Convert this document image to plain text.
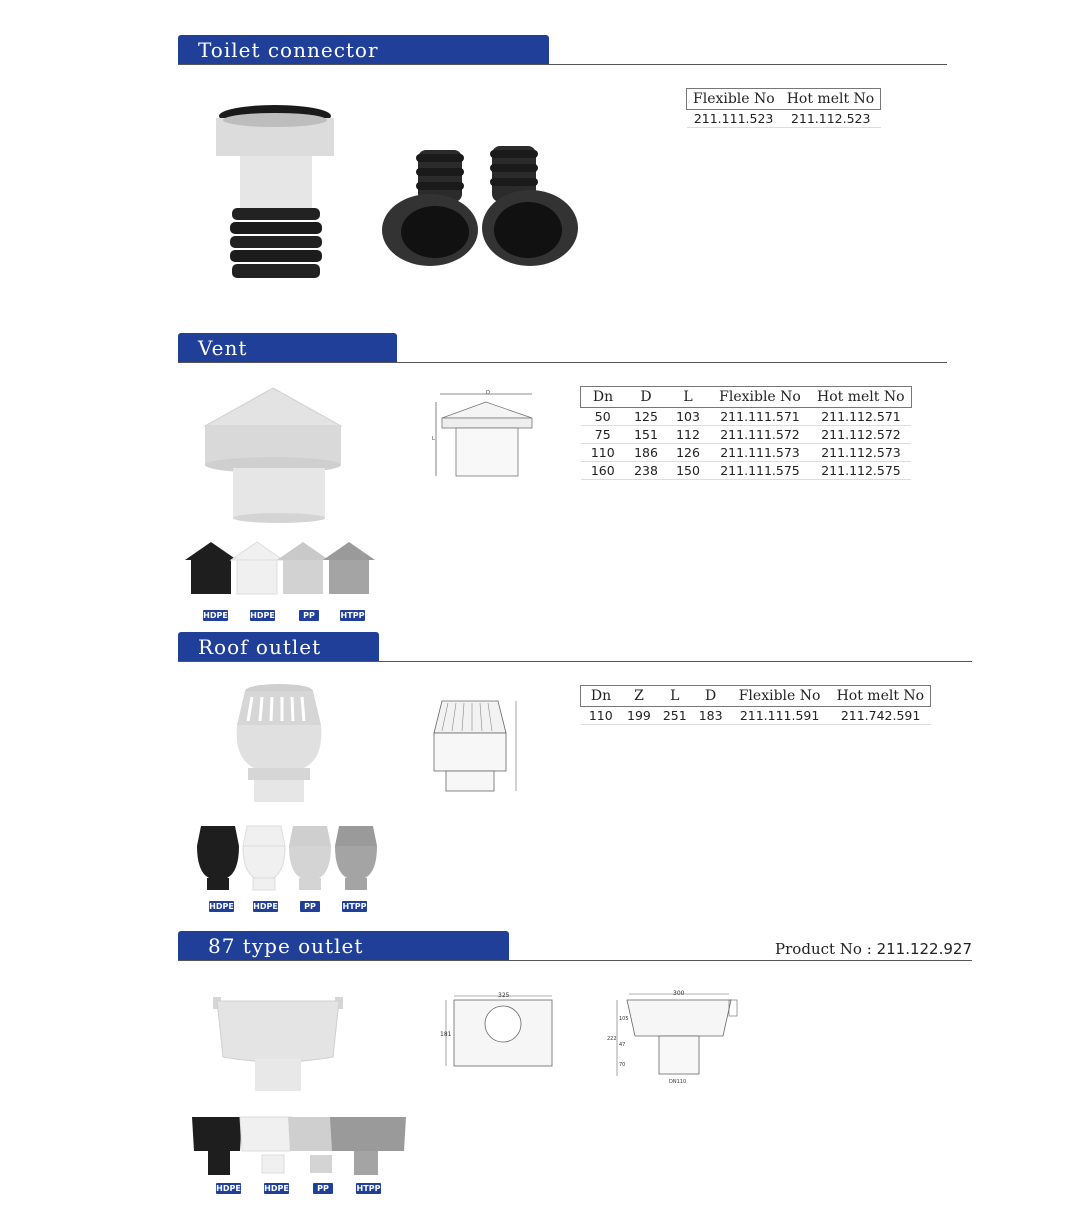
Toilet connector
Flexible No	Hot melt No
211.111.523	211.112.523
Vent
D
L
Dn	D	L	Flexible No	Hot melt No
50	125	103	211.111.571	211.112.571
75	151	112	211.111.572	211.112.572
110	186	126	211.111.573	211.112.573
160	238	150	211.111.575	211.112.575
HDPE	HDPE	PP	HTPP
Roof outlet
Dn	Z	L	D	Flexible No	Hot melt No
110	199	251	183	211.111.591	211.742.591
HDPE HDPE	PP	HTPP
87 type outlet	Product No : 211.122.927
325
181
300
105
222
47
70
DN110
HDPE	HDPE	PP	HTPP
